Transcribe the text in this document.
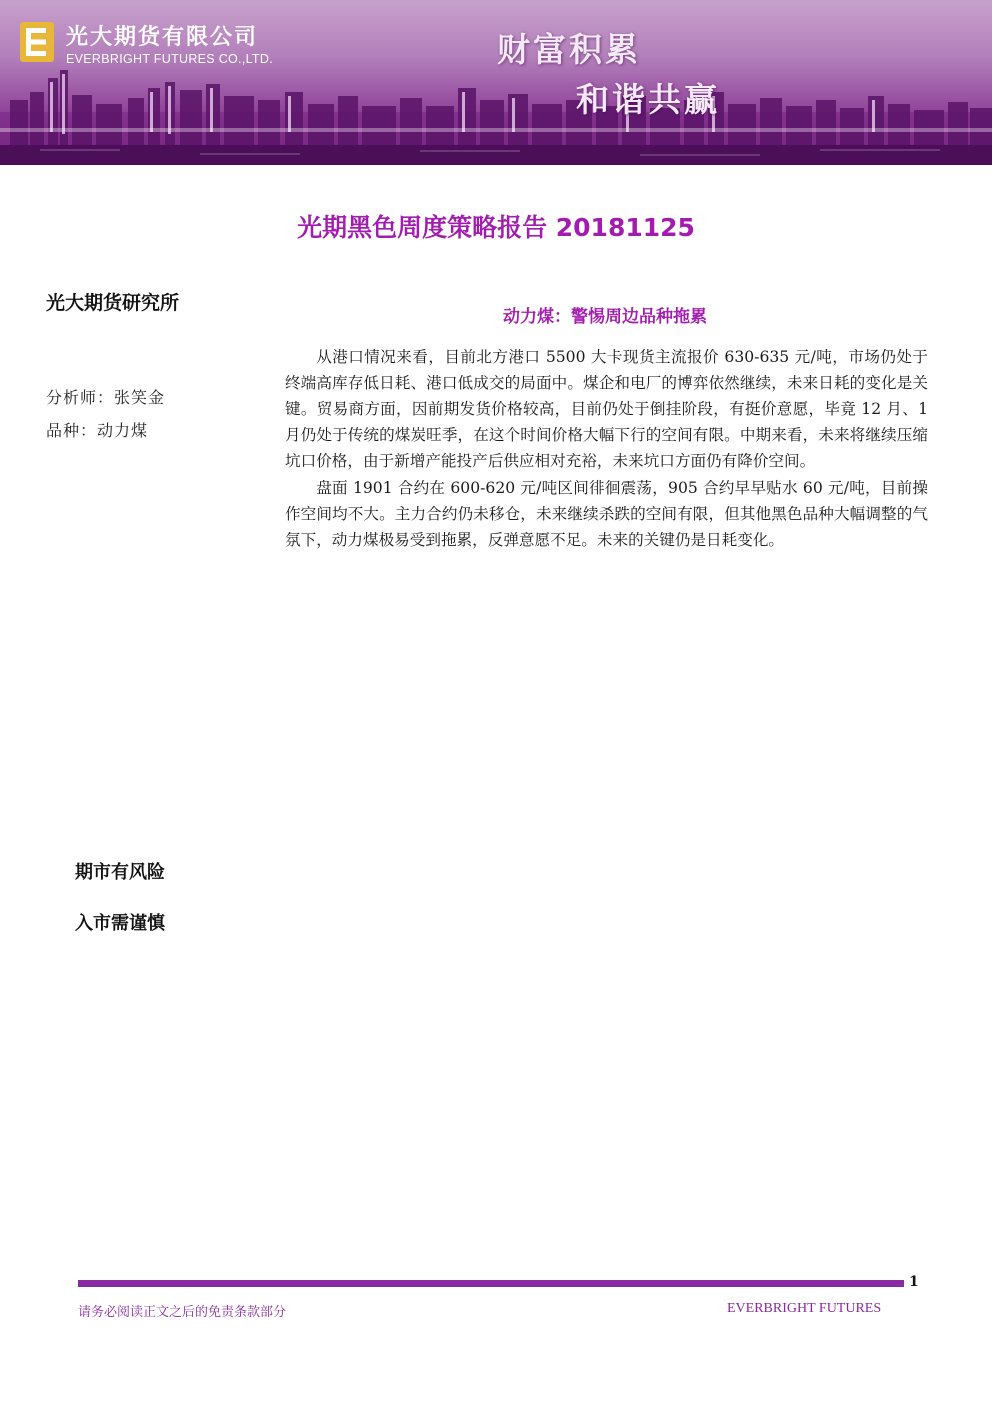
光大期货有限公司
EVERBRIGHT FUTURES CO.,LTD.	财富积累
和谐共赢
光期黑色周度策略报告 20181125
光大期货研究所
分析师：张笑金
品种：动力煤
期市有风险
入市需谨慎
动力煤：警惕周边品种拖累

从港口情况来看，目前北方港口 5500 大卡现货主流报价 630-635 元/吨，市场仍处于终端高库存低日耗、港口低成交的局面中。煤企和电厂的博弈依然继续，未来日耗的变化是关键。贸易商方面，因前期发货价格较高，目前仍处于倒挂阶段，有挺价意愿，毕竟 12 月、1 月仍处于传统的煤炭旺季，在这个时间价格大幅下行的空间有限。中期来看，未来将继续压缩坑口价格，由于新增产能投产后供应相对充裕，未来坑口方面仍有降价空间。

盘面 1901 合约在 600-620 元/吨区间徘徊震荡，905 合约早早贴水 60 元/吨，目前操作空间均不大。主力合约仍未移仓，未来继续杀跌的空间有限，但其他黑色品种大幅调整的气氛下，动力煤极易受到拖累，反弹意愿不足。未来的关键仍是日耗变化。

1
请务必阅读正文之后的免责条款部分	EVERBRIGHT FUTURES
